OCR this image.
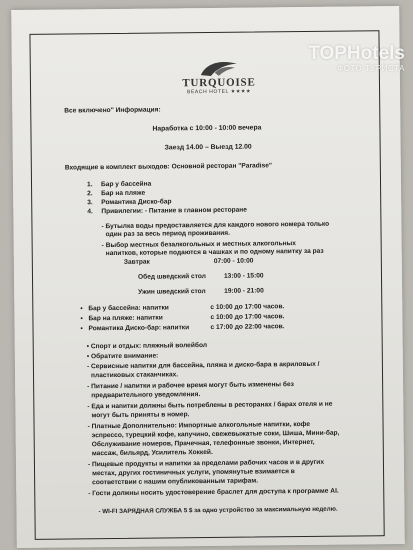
TURQUOISE
BEACH HOTEL ★★★★
Все включено" Информация:
Наработка с 10:00 - 10:00 вечера
Заезд 14.00 – Выезд 12.00
Входящие в комплект выходов: Основной ресторан "Paradise"
1. Бар у бассейна
2. Бар на пляже
3. Романтика Диско-бар
4. Привилегии: - Питание в главном ресторане
- Бутылка воды предоставляется для каждого нового номера только
один раз за весь период проживания.
- Выбор местных безалкогольных и местных алкогольных
напитков, которые подаются в чашках и по одному напитку за раз
Завтрак	07:00 - 10:00
Обед шведский стол	13:00 - 15:00
Ужин шведский стол	19:00 - 21:00
• Бар у бассейна: напитки	с 10:00 до 17:00 часов.
• Бар на пляже: напитки	с 10:00 до 17:00 часов.
• Романтика Диско-бар: напитки	с 17:00 до 22:00 часов.
• Спорт и отдых: пляжный волейбол
• Обратите внимание:
- Сервисные напитки для бассейна, пляжа и диско-бара в акриловых /
пластиковых стаканчиках.
- Питание / напитки и рабочее время могут быть изменены без
предварительного уведомления.
- Еда и напитки должны быть потреблены в ресторанах / барах отеля и не
могут быть приняты в номер.
- Платные Дополнительно: Импортные алкогольные напитки, кофе
эспрессо, турецкий кофе, капучино, свежевыжатые соки, Шиша, Мини-бар,
Обслуживание номеров, Прачечная, телефонные звонки, Интернет,
массаж, бильярд, Усилитель Хоккей.
- Пищевые продукты и напитки за пределами рабочих часов и в других
местах, других гостиничных услуги, упомянутые взимается в
соответствии с нашим опубликованным тарифам.
- Гости должны носить удостоверение браслет для доступа к программе AI.
- WI-FI ЗАРЯДНАЯ СЛУЖБА 5 $ за одно устройство за максимальную неделю.
TOPHotels
ФОТО ТУРИСТА
